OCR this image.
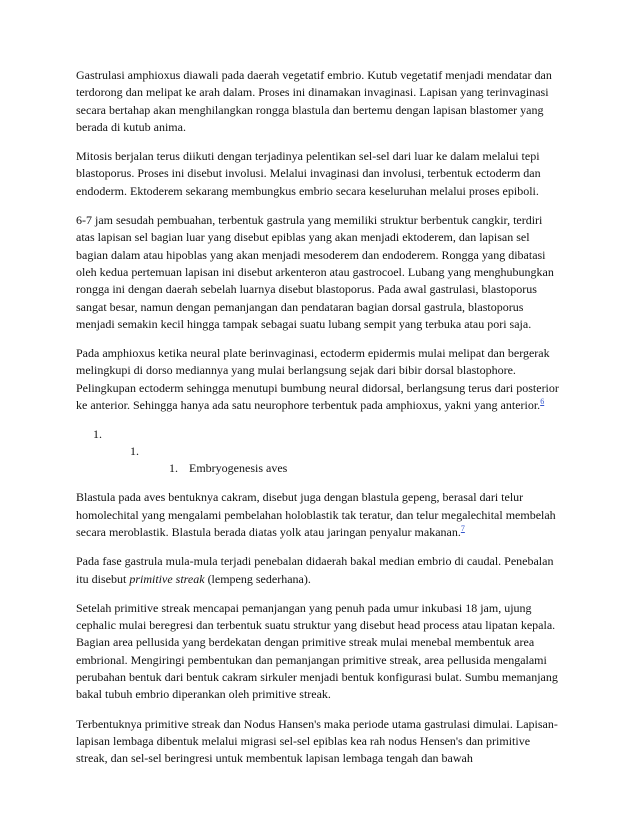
Gastrulasi amphioxus diawali pada daerah vegetatif embrio. Kutub vegetatif menjadi mendatar dan terdorong dan melipat ke arah dalam. Proses ini dinamakan invaginasi. Lapisan yang terinvaginasi secara bertahap akan menghilangkan rongga blastula dan bertemu dengan lapisan blastomer yang berada di kutub anima.

Mitosis berjalan terus diikuti dengan terjadinya pelentikan sel-sel dari luar ke dalam melalui tepi blastoporus. Proses ini disebut involusi. Melalui invaginasi dan involusi, terbentuk ectoderm dan endoderm. Ektoderem sekarang membungkus embrio secara keseluruhan melalui proses epiboli.

6-7 jam sesudah pembuahan, terbentuk gastrula yang memiliki struktur berbentuk cangkir, terdiri atas lapisan sel bagian luar yang disebut epiblas yang akan menjadi ektoderem, dan lapisan sel bagian dalam atau hipoblas yang akan menjadi mesoderem dan endoderem. Rongga yang dibatasi oleh kedua pertemuan lapisan ini disebut arkenteron atau gastrocoel. Lubang yang menghubungkan rongga ini dengan daerah sebelah luarnya disebut blastoporus. Pada awal gastrulasi, blastoporus sangat besar, namun dengan pemanjangan dan pendataran bagian dorsal gastrula, blastoporus menjadi semakin kecil hingga tampak sebagai suatu lubang sempit yang terbuka atau pori saja.

Pada amphioxus ketika neural plate berinvaginasi, ectoderm epidermis mulai melipat dan bergerak melingkupi di dorso mediannya yang mulai berlangsung sejak dari bibir dorsal blastophore. Pelingkupan ectoderm sehingga menutupi bumbung neural didorsal, berlangsung terus dari posterior ke anterior. Sehingga hanya ada satu neurophore terbentuk pada amphioxus, yakni yang anterior.$^6$

1.
1.
1. Embryogenesis aves

Blastula pada aves bentuknya cakram, disebut juga dengan blastula gepeng, berasal dari telur homolechital yang mengalami pembelahan holoblastik tak teratur, dan telur megalechital membelah secara meroblastik. Blastula berada diatas yolk atau jaringan penyalur makanan.$^7$

Pada fase gastrula mula-mula terjadi penebalan didaerah bakal median embrio di caudal. Penebalan itu disebut primitive streak (lempeng sederhana).

Setelah primitive streak mencapai pemanjangan yang penuh pada umur inkubasi 18 jam, ujung cephalic mulai beregresi dan terbentuk suatu struktur yang disebut head process atau lipatan kepala. Bagian area pellusida yang berdekatan dengan primitive streak mulai menebal membentuk area embrional. Mengiringi pembentukan dan pemanjangan primitive streak, area pellusida mengalami perubahan bentuk dari bentuk cakram sirkuler menjadi bentuk konfigurasi bulat. Sumbu memanjang bakal tubuh embrio diperankan oleh primitive streak.

Terbentuknya primitive streak dan Nodus Hansen's maka periode utama gastrulasi dimulai. Lapisan-lapisan lembaga dibentuk melalui migrasi sel-sel epiblas kea rah nodus Hensen's dan primitive streak, dan sel-sel beringresi untuk membentuk lapisan lembaga tengah dan bawah
